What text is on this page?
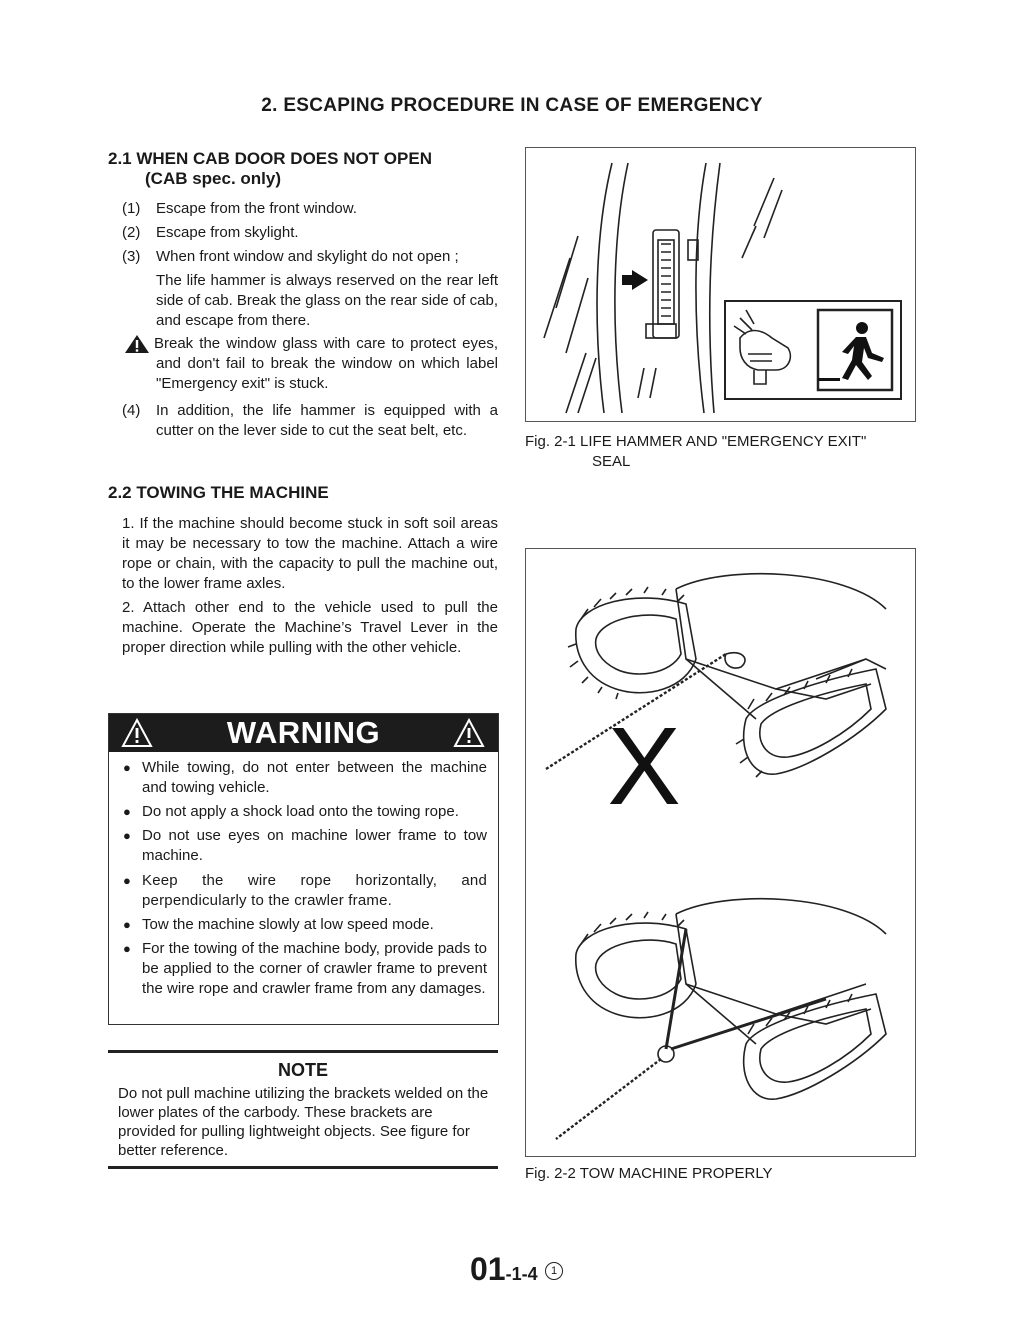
2. ESCAPING PROCEDURE IN CASE OF EMERGENCY
2.1 WHEN CAB DOOR DOES NOT OPEN
(CAB spec. only)
(1) Escape from the front window.
(2) Escape from skylight.
(3) When front window and skylight do not open ;
The life hammer is always reserved on the rear left side of cab. Break the glass on the rear side of cab, and escape from there.
Break the window glass with care to protect eyes, and don't fail to break the window on which label "Emergency exit" is stuck.
(4) In addition, the life hammer is equipped with a cutter on the lever side to cut the seat belt, etc.
Fig. 2-1 LIFE HAMMER AND "EMERGENCY EXIT"
SEAL
2.2 TOWING THE MACHINE
1. If the machine should become stuck in soft soil areas it may be necessary to tow the machine. Attach a wire rope or chain, with the capacity to pull the machine out, to the lower frame axles.
2. Attach other end to the vehicle used to pull the machine. Operate the Machine’s Travel Lever in the proper direction while pulling with the other vehicle.
WARNING
● While towing, do not enter between the machine and towing vehicle.
● Do not apply a shock load onto the towing rope.
● Do not use eyes on machine lower frame to tow machine.
● Keep the wire rope horizontally, and perpendicularly to the crawler frame.
● Tow the machine slowly at low speed mode.
● For the towing of the machine body, provide pads to be applied to the corner of crawler frame to prevent the wire rope and crawler frame from any damages.
NOTE
Do not pull machine utilizing the brackets welded on the lower plates of the carbody. These brackets are provided for pulling lightweight objects. See figure for better reference.
X
Fig. 2-2 TOW MACHINE PROPERLY
01-1-4 1
